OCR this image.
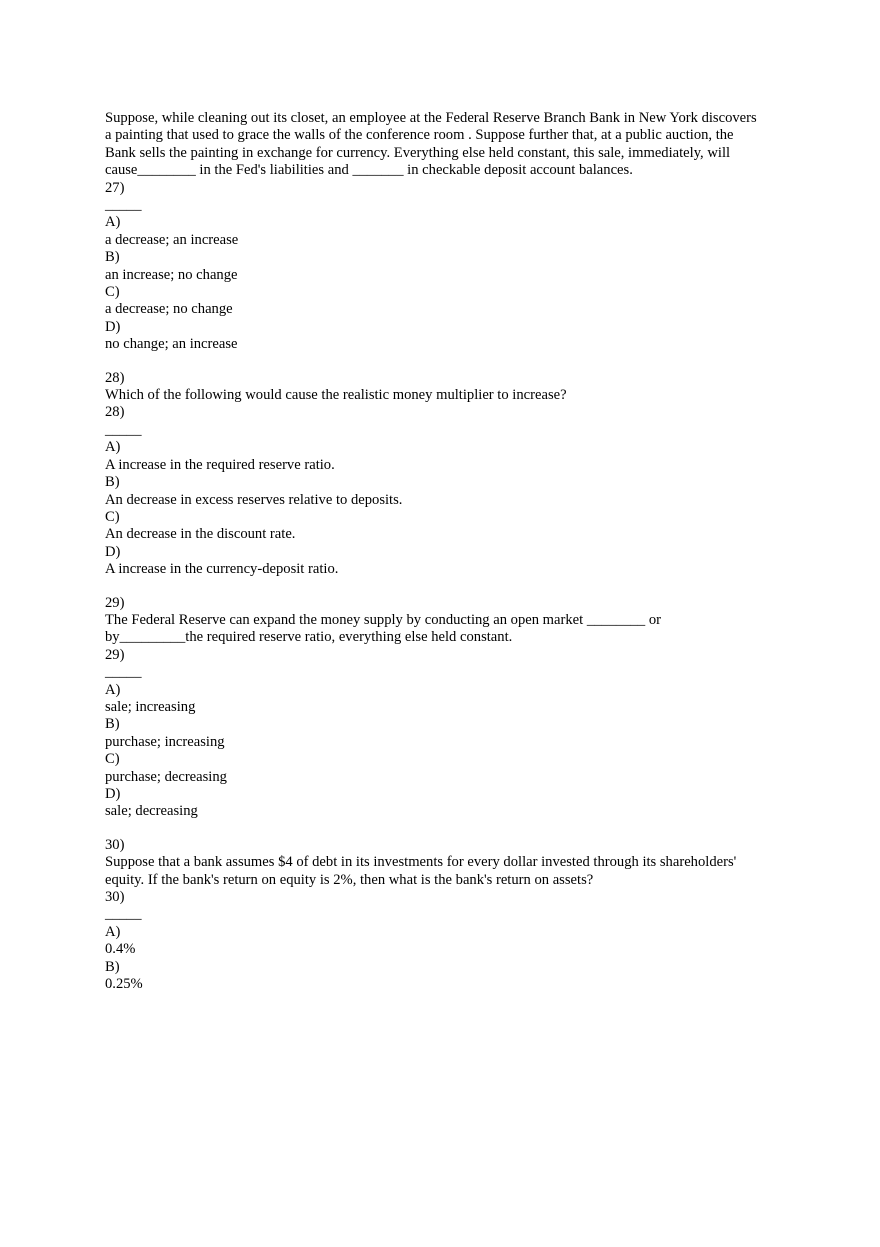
Suppose, while cleaning out its closet, an employee at the Federal Reserve Branch Bank in New York discovers

a painting that used to grace the walls of the conference room . Suppose further that, at a public auction, the

Bank sells the painting in exchange for currency. Everything else held constant, this sale, immediately, will

cause________ in the Fed's liabilities and _______ in checkable deposit account balances.

27)

_____

A)

a decrease; an increase

B)

an increase; no change

C)

a decrease; no change

D)

no change; an increase

28)

Which of the following would cause the realistic money multiplier to increase?

28)

_____

A)

A increase in the required reserve ratio.

B)

An decrease in excess reserves relative to deposits.

C)

An decrease in the discount rate.

D)

A increase in the currency-deposit ratio.

29)

The Federal Reserve can expand the money supply by conducting an open market ________ or

by_________the required reserve ratio, everything else held constant.

29)

_____

A)

sale; increasing

B)

purchase; increasing

C)

purchase; decreasing

D)

sale; decreasing

30)

Suppose that a bank assumes $4 of debt in its investments for every dollar invested through its shareholders'

equity. If the bank's return on equity is 2%, then what is the bank's return on assets?

30)

_____

A)

0.4%

B)

0.25%
